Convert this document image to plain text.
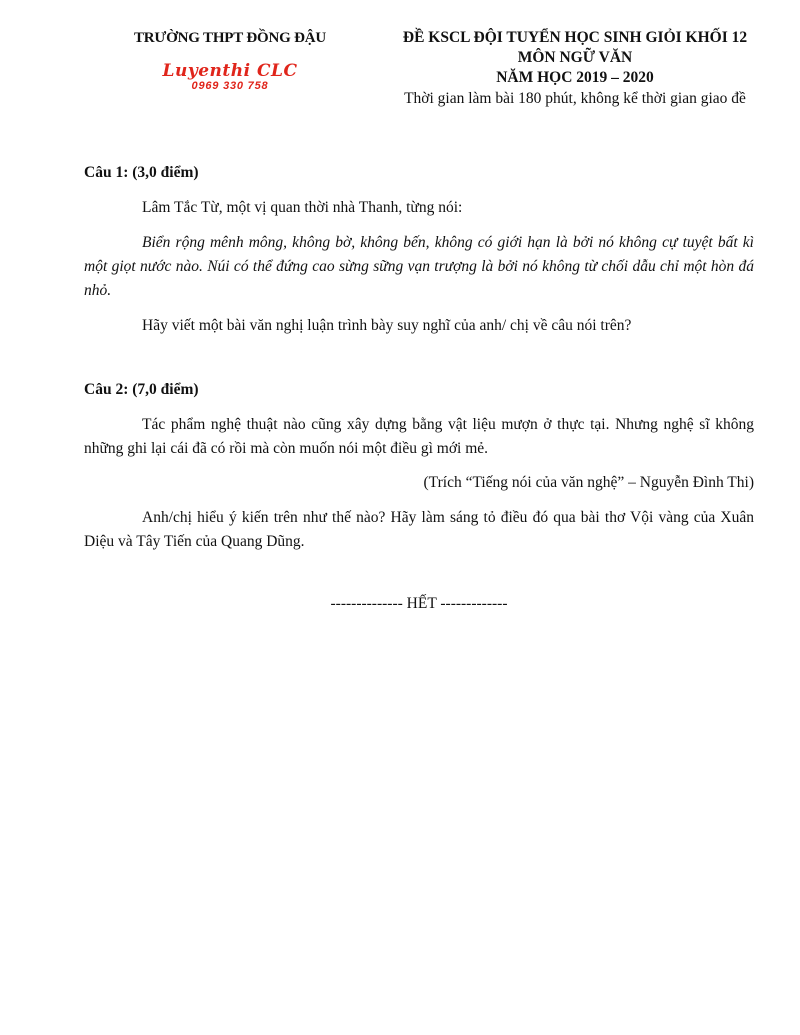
TRƯỜNG THPT ĐỒNG ĐẬU
Luyenthi CLC
0969 330 758
ĐỀ KSCL ĐỘI TUYỂN HỌC SINH GIỎI KHỐI 12
MÔN NGỮ VĂN
NĂM HỌC 2019 – 2020
Thời gian làm bài 180 phút, không kể thời gian giao đề

Câu 1: (3,0 điểm)

Lâm Tắc Từ, một vị quan thời nhà Thanh, từng nói:

Biển rộng mênh mông, không bờ, không bến, không có giới hạn là bởi nó không cự tuyệt bất kì một giọt nước nào. Núi có thể đứng cao sừng sững vạn trượng là bởi nó không từ chối dẫu chỉ một hòn đá nhỏ.

Hãy viết một bài văn nghị luận trình bày suy nghĩ của anh/ chị về câu nói trên?

Câu 2: (7,0 điểm)

Tác phẩm nghệ thuật nào cũng xây dựng bằng vật liệu mượn ở thực tại. Nhưng nghệ sĩ không những ghi lại cái đã có rồi mà còn muốn nói một điều gì mới mẻ.

(Trích “Tiếng nói của văn nghệ” – Nguyễn Đình Thi)

Anh/chị hiểu ý kiến trên như thế nào? Hãy làm sáng tỏ điều đó qua bài thơ Vội vàng của Xuân Diệu và Tây Tiến của Quang Dũng.

-------------- HẾT -------------
